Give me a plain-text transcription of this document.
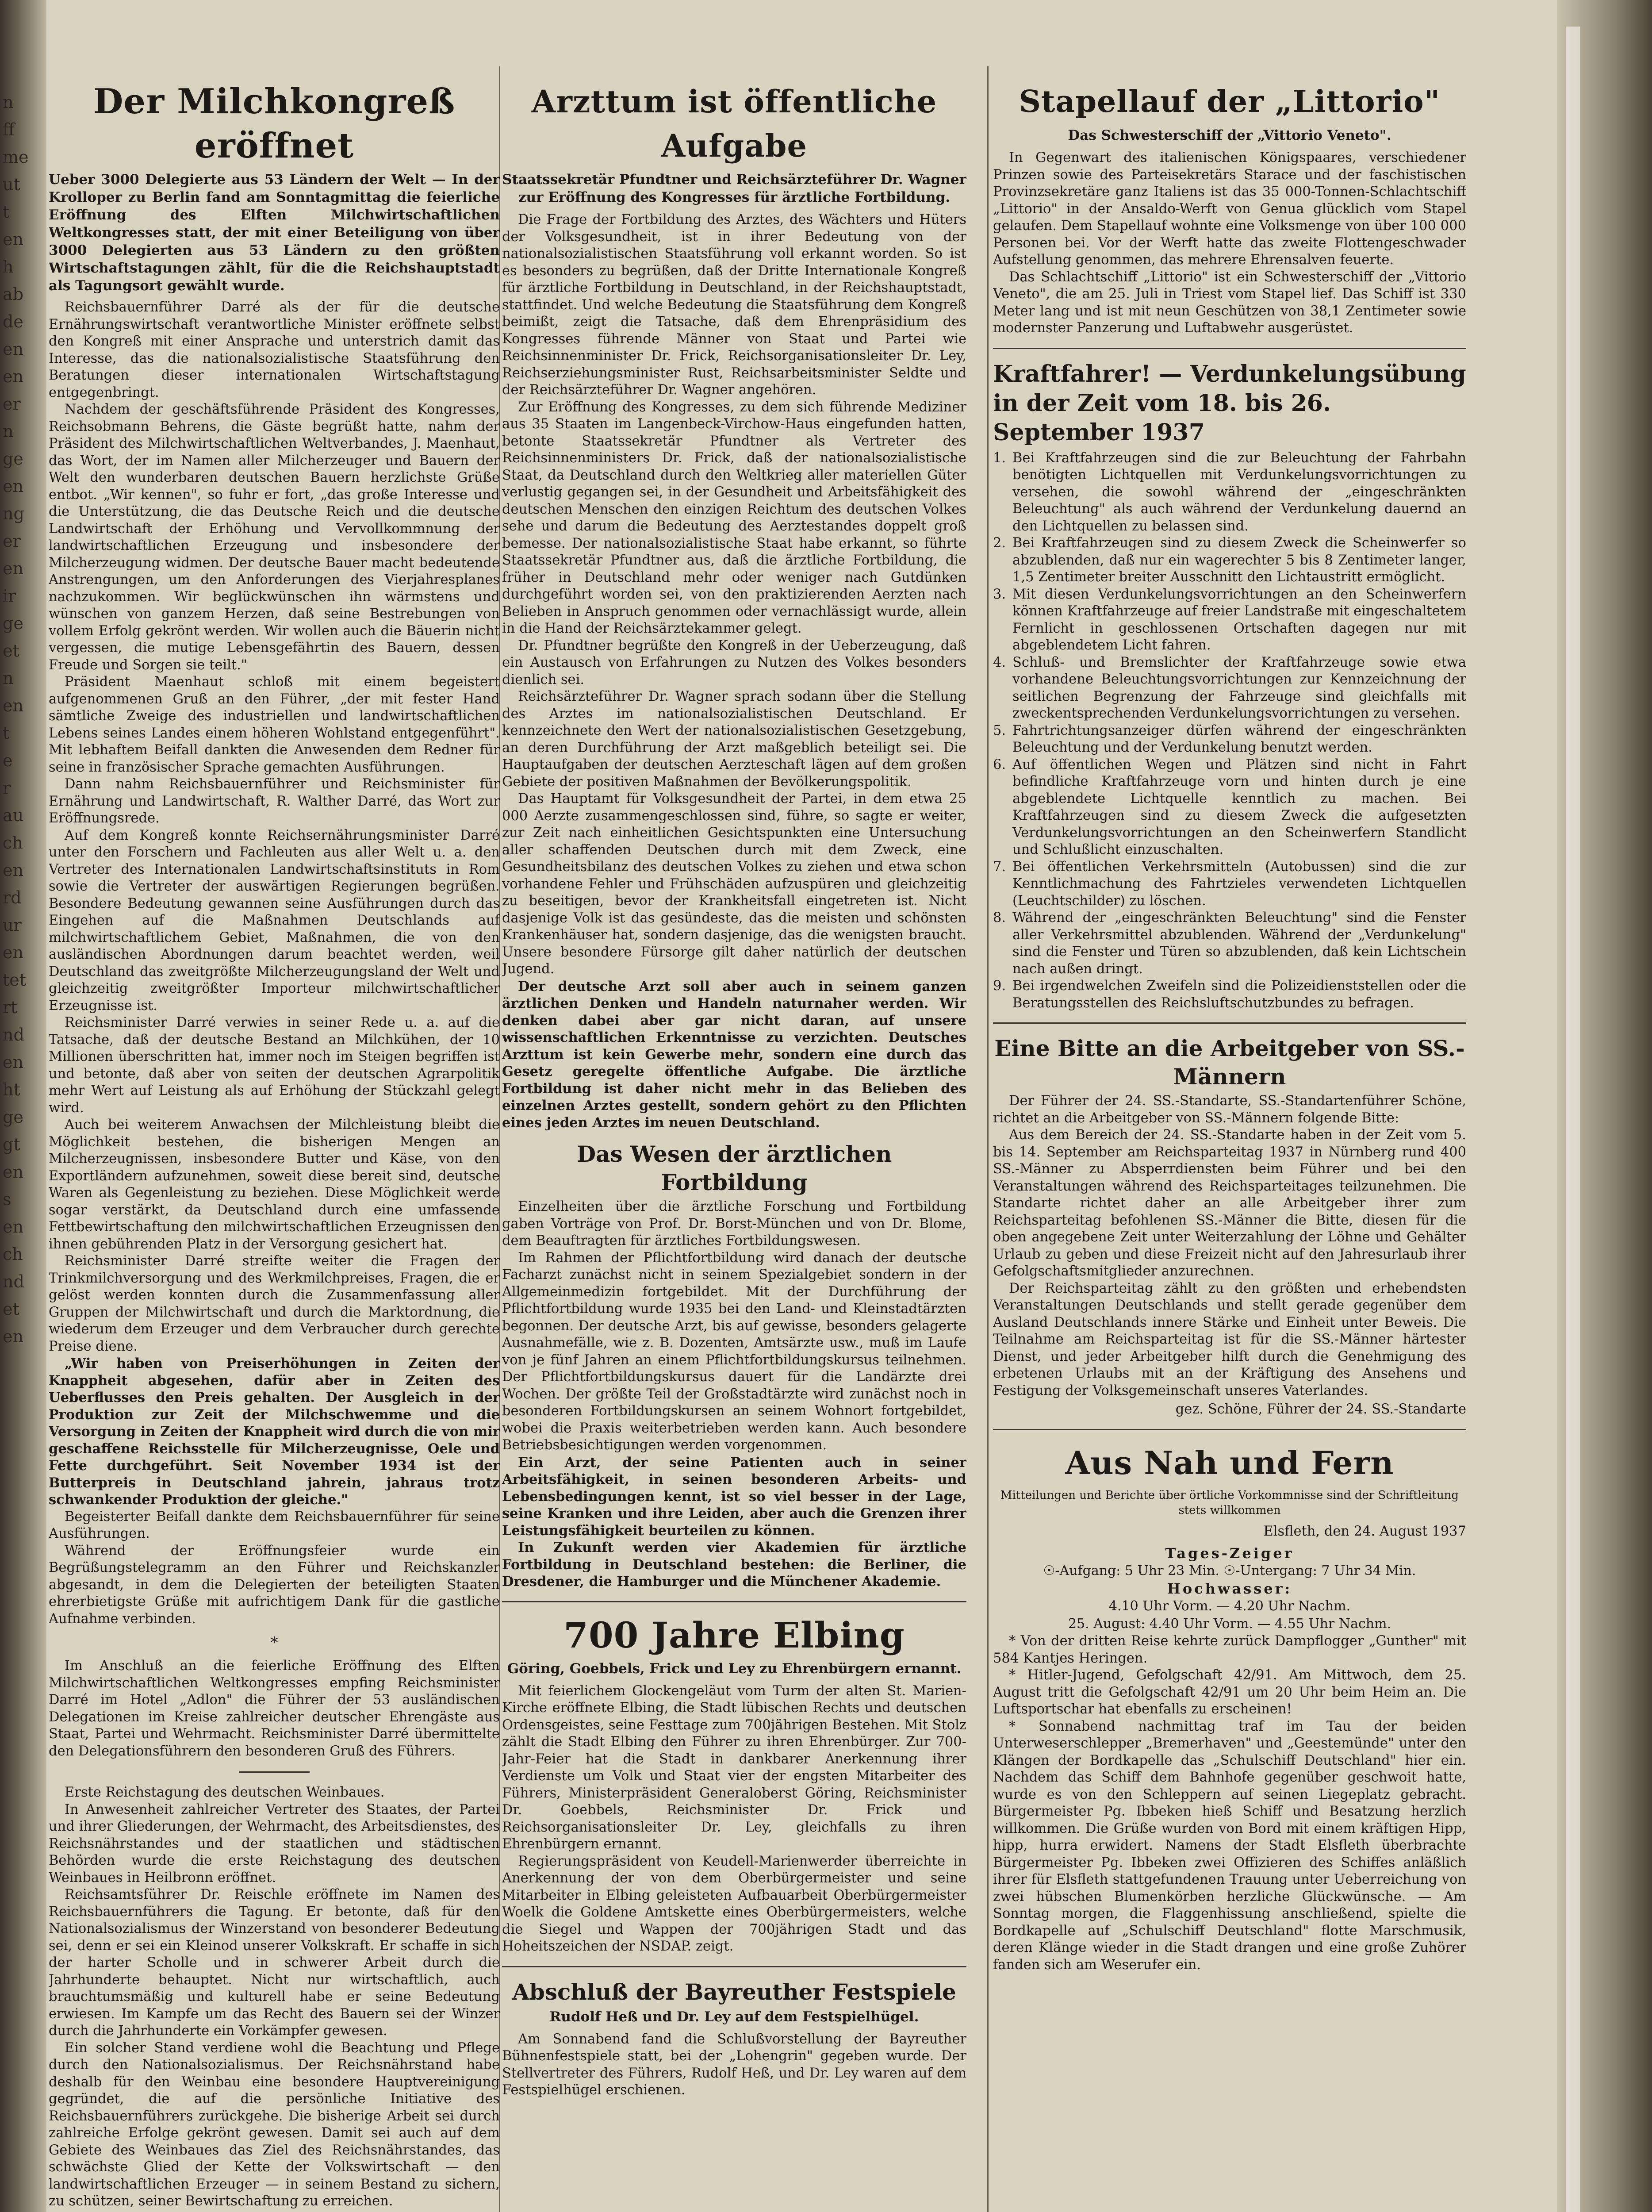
n
ff
me
ut
t
en
h
ab
de
en
en
er
n
ge
en
ng
er
en
ir
ge
et
n
en
t
e
r
au
ch
en
rd
ur
en
tet
rt
nd
en
ht
ge
gt
en
s
en
ch
nd
et
en
Der Milchkongreß eröffnet
Ueber 3000 Delegierte aus 53 Ländern der Welt — In der Krolloper zu Berlin fand am Sonntagmittag die feierliche Eröffnung des Elften Milchwirtschaftlichen Weltkongresses statt, der mit einer Beteiligung von über 3000 Delegierten aus 53 Ländern zu den größten Wirtschaftstagungen zählt, für die die Reichshauptstadt als Tagungsort gewählt wurde.

Reichsbauernführer Darré als der für die deutsche Ernährungswirtschaft verantwortliche Minister eröffnete selbst den Kongreß mit einer Ansprache und unterstrich damit das Interesse, das die nationalsozialistische Staatsführung den Beratungen dieser internationalen Wirtschaftstagung entgegenbringt.

Nachdem der geschäftsführende Präsident des Kongresses, Reichsobmann Behrens, die Gäste begrüßt hatte, nahm der Präsident des Milchwirtschaftlichen Weltverbandes, J. Maenhaut, das Wort, der im Namen aller Milcherzeuger und Bauern der Welt den wunderbaren deutschen Bauern herzlichste Grüße entbot. „Wir kennen", so fuhr er fort, „das große Interesse und die Unterstützung, die das Deutsche Reich und die deutsche Landwirtschaft der Erhöhung und Vervollkommnung der landwirtschaftlichen Erzeugung und insbesondere der Milcherzeugung widmen. Der deutsche Bauer macht bedeutende Anstrengungen, um den Anforderungen des Vierjahresplanes nachzukommen. Wir beglückwünschen ihn wärmstens und wünschen von ganzem Herzen, daß seine Bestrebungen von vollem Erfolg gekrönt werden. Wir wollen auch die Bäuerin nicht vergessen, die mutige Lebensgefährtin des Bauern, dessen Freude und Sorgen sie teilt."

Präsident Maenhaut schloß mit einem begeistert aufgenommenen Gruß an den Führer, „der mit fester Hand sämtliche Zweige des industriellen und landwirtschaftlichen Lebens seines Landes einem höheren Wohlstand entgegenführt". Mit lebhaftem Beifall dankten die Anwesenden dem Redner für seine in französischer Sprache gemachten Ausführungen.

Dann nahm Reichsbauernführer und Reichsminister für Ernährung und Landwirtschaft, R. Walther Darré, das Wort zur Eröffnungsrede.

Auf dem Kongreß konnte Reichsernährungsminister Darré unter den Forschern und Fachleuten aus aller Welt u. a. den Vertreter des Internationalen Landwirtschaftsinstituts in Rom sowie die Vertreter der auswärtigen Regierungen begrüßen. Besondere Bedeutung gewannen seine Ausführungen durch das Eingehen auf die Maßnahmen Deutschlands auf milchwirtschaftlichem Gebiet, Maßnahmen, die von den ausländischen Abordnungen darum beachtet werden, weil Deutschland das zweitgrößte Milcherzeugungsland der Welt und gleichzeitig zweitgrößter Importeur milchwirtschaftlicher Erzeugnisse ist.

Reichsminister Darré verwies in seiner Rede u. a. auf die Tatsache, daß der deutsche Bestand an Milchkühen, der 10 Millionen überschritten hat, immer noch im Steigen begriffen ist und betonte, daß aber von seiten der deutschen Agrarpolitik mehr Wert auf Leistung als auf Erhöhung der Stückzahl gelegt wird.

Auch bei weiterem Anwachsen der Milchleistung bleibt die Möglichkeit bestehen, die bisherigen Mengen an Milcherzeugnissen, insbesondere Butter und Käse, von den Exportländern aufzunehmen, soweit diese bereit sind, deutsche Waren als Gegenleistung zu beziehen. Diese Möglichkeit werde sogar verstärkt, da Deutschland durch eine umfassende Fettbewirtschaftung den milchwirtschaftlichen Erzeugnissen den ihnen gebührenden Platz in der Versorgung gesichert hat.

Reichsminister Darré streifte weiter die Fragen der Trinkmilchversorgung und des Werkmilchpreises, Fragen, die er gelöst werden konnten durch die Zusammenfassung aller Gruppen der Milchwirtschaft und durch die Marktordnung, die wiederum dem Erzeuger und dem Verbraucher durch gerechte Preise diene.

„Wir haben von Preiserhöhungen in Zeiten der Knappheit abgesehen, dafür aber in Zeiten des Ueberflusses den Preis gehalten. Der Ausgleich in der Produktion zur Zeit der Milchschwemme und die Versorgung in Zeiten der Knappheit wird durch die von mir geschaffene Reichsstelle für Milcherzeugnisse, Oele und Fette durchgeführt. Seit November 1934 ist der Butterpreis in Deutschland jahrein, jahraus trotz schwankender Produktion der gleiche."

Begeisterter Beifall dankte dem Reichsbauernführer für seine Ausführungen.

Während der Eröffnungsfeier wurde ein Begrüßungstelegramm an den Führer und Reichskanzler abgesandt, in dem die Delegierten der beteiligten Staaten ehrerbietigste Grüße mit aufrichtigem Dank für die gastliche Aufnahme verbinden.

*

Im Anschluß an die feierliche Eröffnung des Elften Milchwirtschaftlichen Weltkongresses empfing Reichsminister Darré im Hotel „Adlon" die Führer der 53 ausländischen Delegationen im Kreise zahlreicher deutscher Ehrengäste aus Staat, Partei und Wehrmacht. Reichsminister Darré übermittelte den Delegationsführern den besonderen Gruß des Führers.

Erste Reichstagung des deutschen Weinbaues.

In Anwesenheit zahlreicher Vertreter des Staates, der Partei und ihrer Gliederungen, der Wehrmacht, des Arbeitsdienstes, des Reichsnährstandes und der staatlichen und städtischen Behörden wurde die erste Reichstagung des deutschen Weinbaues in Heilbronn eröffnet.

Reichsamtsführer Dr. Reischle eröffnete im Namen des Reichsbauernführers die Tagung. Er betonte, daß für den Nationalsozialismus der Winzerstand von besonderer Bedeutung sei, denn er sei ein Kleinod unserer Volkskraft. Er schaffe in sich der harter Scholle und in schwerer Arbeit durch die Jahrhunderte behauptet. Nicht nur wirtschaftlich, auch brauchtumsmäßig und kulturell habe er seine Bedeutung erwiesen. Im Kampfe um das Recht des Bauern sei der Winzer durch die Jahrhunderte ein Vorkämpfer gewesen.

Ein solcher Stand verdiene wohl die Beachtung und Pflege durch den Nationalsozialismus. Der Reichsnährstand habe deshalb für den Weinbau eine besondere Hauptvereinigung gegründet, die auf die persönliche Initiative des Reichsbauernführers zurückgehe. Die bisherige Arbeit sei durch zahlreiche Erfolge gekrönt gewesen. Damit sei auch auf dem Gebiete des Weinbaues das Ziel des Reichsnährstandes, das schwächste Glied der Kette der Volkswirtschaft — den landwirtschaftlichen Erzeuger — in seinem Bestand zu sichern, zu schützen, seiner Bewirtschaftung zu erreichen.

Arzttum ist öffentliche Aufgabe
Staatssekretär Pfundtner und Reichsärzteführer Dr. Wagner zur Eröffnung des Kongresses für ärztliche Fortbildung.

Die Frage der Fortbildung des Arztes, des Wächters und Hüters der Volksgesundheit, ist in ihrer Bedeutung von der nationalsozialistischen Staatsführung voll erkannt worden. So ist es besonders zu begrüßen, daß der Dritte Internationale Kongreß für ärztliche Fortbildung in Deutschland, in der Reichshauptstadt, stattfindet. Und welche Bedeutung die Staatsführung dem Kongreß beimißt, zeigt die Tatsache, daß dem Ehrenpräsidium des Kongresses führende Männer von Staat und Partei wie Reichsinnenminister Dr. Frick, Reichsorganisationsleiter Dr. Ley, Reichserziehungsminister Rust, Reichsarbeitsminister Seldte und der Reichsärzteführer Dr. Wagner angehören.

Zur Eröffnung des Kongresses, zu dem sich führende Mediziner aus 35 Staaten im Langenbeck-Virchow-Haus eingefunden hatten, betonte Staatssekretär Pfundtner als Vertreter des Reichsinnenministers Dr. Frick, daß der nationalsozialistische Staat, da Deutschland durch den Weltkrieg aller materiellen Güter verlustig gegangen sei, in der Gesundheit und Arbeitsfähigkeit des deutschen Menschen den einzigen Reichtum des deutschen Volkes sehe und darum die Bedeutung des Aerztestandes doppelt groß bemesse. Der nationalsozialistische Staat habe erkannt, so führte Staatssekretär Pfundtner aus, daß die ärztliche Fortbildung, die früher in Deutschland mehr oder weniger nach Gutdünken durchgeführt worden sei, von den praktizierenden Aerzten nach Belieben in Anspruch genommen oder vernachlässigt wurde, allein in die Hand der Reichsärztekammer gelegt.

Dr. Pfundtner begrüßte den Kongreß in der Ueberzeugung, daß ein Austausch von Erfahrungen zu Nutzen des Volkes besonders dienlich sei.

Reichsärzteführer Dr. Wagner sprach sodann über die Stellung des Arztes im nationalsozialistischen Deutschland. Er kennzeichnete den Wert der nationalsozialistischen Gesetzgebung, an deren Durchführung der Arzt maßgeblich beteiligt sei. Die Hauptaufgaben der deutschen Aerzteschaft lägen auf dem großen Gebiete der positiven Maßnahmen der Bevölkerungspolitik.

Das Hauptamt für Volksgesundheit der Partei, in dem etwa 25 000 Aerzte zusammengeschlossen sind, führe, so sagte er weiter, zur Zeit nach einheitlichen Gesichtspunkten eine Untersuchung aller schaffenden Deutschen durch mit dem Zweck, eine Gesundheitsbilanz des deutschen Volkes zu ziehen und etwa schon vorhandene Fehler und Frühschäden aufzuspüren und gleichzeitig zu beseitigen, bevor der Krankheitsfall eingetreten ist. Nicht dasjenige Volk ist das gesündeste, das die meisten und schönsten Krankenhäuser hat, sondern dasjenige, das die wenigsten braucht. Unsere besondere Fürsorge gilt daher natürlich der deutschen Jugend.

Der deutsche Arzt soll aber auch in seinem ganzen ärztlichen Denken und Handeln naturnaher werden. Wir denken dabei aber gar nicht daran, auf unsere wissenschaftlichen Erkenntnisse zu verzichten. Deutsches Arzttum ist kein Gewerbe mehr, sondern eine durch das Gesetz geregelte öffentliche Aufgabe. Die ärztliche Fortbildung ist daher nicht mehr in das Belieben des einzelnen Arztes gestellt, sondern gehört zu den Pflichten eines jeden Arztes im neuen Deutschland.

Das Wesen der ärztlichen Fortbildung

Einzelheiten über die ärztliche Forschung und Fortbildung gaben Vorträge von Prof. Dr. Borst-München und von Dr. Blome, dem Beauftragten für ärztliches Fortbildungswesen.

Im Rahmen der Pflichtfortbildung wird danach der deutsche Facharzt zunächst nicht in seinem Spezialgebiet sondern in der Allgemeinmedizin fortgebildet. Mit der Durchführung der Pflichtfortbildung wurde 1935 bei den Land- und Kleinstadtärzten begonnen. Der deutsche Arzt, bis auf gewisse, besonders gelagerte Ausnahmefälle, wie z. B. Dozenten, Amtsärzte usw., muß im Laufe von je fünf Jahren an einem Pflichtfortbildungskursus teilnehmen. Der Pflichtfortbildungskursus dauert für die Landärzte drei Wochen. Der größte Teil der Großstadtärzte wird zunächst noch in besonderen Fortbildungskursen an seinem Wohnort fortgebildet, wobei die Praxis weiterbetrieben werden kann. Auch besondere Betriebsbesichtigungen werden vorgenommen.

Ein Arzt, der seine Patienten auch in seiner Arbeitsfähigkeit, in seinen besonderen Arbeits- und Lebensbedingungen kennt, ist so viel besser in der Lage, seine Kranken und ihre Leiden, aber auch die Grenzen ihrer Leistungsfähigkeit beurteilen zu können.

In Zukunft werden vier Akademien für ärztliche Fortbildung in Deutschland bestehen: die Berliner, die Dresdener, die Hamburger und die Münchener Akademie.

700 Jahre Elbing
Göring, Goebbels, Frick und Ley zu Ehrenbürgern ernannt.

Mit feierlichem Glockengeläut vom Turm der alten St. Marien-Kirche eröffnete Elbing, die Stadt lübischen Rechts und deutschen Ordensgeistes, seine Festtage zum 700jährigen Bestehen. Mit Stolz zählt die Stadt Elbing den Führer zu ihren Ehrenbürger. Zur 700-Jahr-Feier hat die Stadt in dankbarer Anerkennung ihrer Verdienste um Volk und Staat vier der engsten Mitarbeiter des Führers, Ministerpräsident Generaloberst Göring, Reichsminister Dr. Goebbels, Reichsminister Dr. Frick und Reichsorganisationsleiter Dr. Ley, gleichfalls zu ihren Ehrenbürgern ernannt.

Regierungspräsident von Keudell-Marienwerder überreichte in Anerkennung der von dem Oberbürgermeister und seine Mitarbeiter in Elbing geleisteten Aufbauarbeit Oberbürgermeister Woelk die Goldene Amtskette eines Oberbürgermeisters, welche die Siegel und Wappen der 700jährigen Stadt und das Hoheitszeichen der NSDAP. zeigt.

Abschluß der Bayreuther Festspiele
Rudolf Heß und Dr. Ley auf dem Festspielhügel.

Am Sonnabend fand die Schlußvorstellung der Bayreuther Bühnenfestspiele statt, bei der „Lohengrin" gegeben wurde. Der Stellvertreter des Führers, Rudolf Heß, und Dr. Ley waren auf dem Festspielhügel erschienen.

Stapellauf der „Littorio"
Das Schwesterschiff der „Vittorio Veneto".

In Gegenwart des italienischen Königspaares, verschiedener Prinzen sowie des Parteisekretärs Starace und der faschistischen Provinzsekretäre ganz Italiens ist das 35 000-Tonnen-Schlachtschiff „Littorio" in der Ansaldo-Werft von Genua glücklich vom Stapel gelaufen. Dem Stapellauf wohnte eine Volksmenge von über 100 000 Personen bei. Vor der Werft hatte das zweite Flottengeschwader Aufstellung genommen, das mehrere Ehrensalven feuerte.

Das Schlachtschiff „Littorio" ist ein Schwesterschiff der „Vittorio Veneto", die am 25. Juli in Triest vom Stapel lief. Das Schiff ist 330 Meter lang und ist mit neun Geschützen von 38,1 Zentimeter sowie modernster Panzerung und Luftabwehr ausgerüstet.

Kraftfahrer! — Verdunkelungsübung in der Zeit vom 18. bis 26. September 1937
1. Bei Kraftfahrzeugen sind die zur Beleuchtung der Fahrbahn benötigten Lichtquellen mit Verdunkelungsvorrichtungen zu versehen, die sowohl während der „eingeschränkten Beleuchtung" als auch während der Verdunkelung dauernd an den Lichtquellen zu belassen sind.
2. Bei Kraftfahrzeugen sind zu diesem Zweck die Scheinwerfer so abzublenden, daß nur ein wagerechter 5 bis 8 Zentimeter langer, 1,5 Zentimeter breiter Ausschnitt den Lichtaustritt ermöglicht.
3. Mit diesen Verdunkelungsvorrichtungen an den Scheinwerfern können Kraftfahrzeuge auf freier Landstraße mit eingeschaltetem Fernlicht in geschlossenen Ortschaften dagegen nur mit abgeblendetem Licht fahren.
4. Schluß- und Bremslichter der Kraftfahrzeuge sowie etwa vorhandene Beleuchtungsvorrichtungen zur Kennzeichnung der seitlichen Begrenzung der Fahrzeuge sind gleichfalls mit zweckentsprechenden Verdunkelungsvorrichtungen zu versehen.
5. Fahrtrichtungsanzeiger dürfen während der eingeschränkten Beleuchtung und der Verdunkelung benutzt werden.
6. Auf öffentlichen Wegen und Plätzen sind nicht in Fahrt befindliche Kraftfahrzeuge vorn und hinten durch je eine abgeblendete Lichtquelle kenntlich zu machen. Bei Kraftfahrzeugen sind zu diesem Zweck die aufgesetzten Verdunkelungsvorrichtungen an den Scheinwerfern Standlicht und Schlußlicht einzuschalten.
7. Bei öffentlichen Verkehrsmitteln (Autobussen) sind die zur Kenntlichmachung des Fahrtzieles verwendeten Lichtquellen (Leuchtschilder) zu löschen.
8. Während der „eingeschränkten Beleuchtung" sind die Fenster aller Verkehrsmittel abzublenden. Während der „Verdunkelung" sind die Fenster und Türen so abzublenden, daß kein Lichtschein nach außen dringt.
9. Bei irgendwelchen Zweifeln sind die Polizeidienststellen oder die Beratungsstellen des Reichsluftschutzbundes zu befragen.
Eine Bitte an die Arbeitgeber von SS.-Männern

Der Führer der 24. SS.-Standarte, SS.-Standartenführer Schöne, richtet an die Arbeitgeber von SS.-Männern folgende Bitte:

Aus dem Bereich der 24. SS.-Standarte haben in der Zeit vom 5. bis 14. September am Reichsparteitag 1937 in Nürnberg rund 400 SS.-Männer zu Absperrdiensten beim Führer und bei den Veranstaltungen während des Reichsparteitages teilzunehmen. Die Standarte richtet daher an alle Arbeitgeber ihrer zum Reichsparteitag befohlenen SS.-Männer die Bitte, diesen für die oben angegebene Zeit unter Weiterzahlung der Löhne und Gehälter Urlaub zu geben und diese Freizeit nicht auf den Jahresurlaub ihrer Gefolgschaftsmitglieder anzurechnen.

Der Reichsparteitag zählt zu den größten und erhebendsten Veranstaltungen Deutschlands und stellt gerade gegenüber dem Ausland Deutschlands innere Stärke und Einheit unter Beweis. Die Teilnahme am Reichsparteitag ist für die SS.-Männer härtester Dienst, und jeder Arbeitgeber hilft durch die Genehmigung des erbetenen Urlaubs mit an der Kräftigung des Ansehens und Festigung der Volksgemeinschaft unseres Vaterlandes.

gez. Schöne, Führer der 24. SS.-Standarte
Aus Nah und Fern
Mitteilungen und Berichte über örtliche Vorkommnisse sind der Schriftleitung stets willkommen
Elsfleth, den 24. August 1937
Tages-Zeiger
☉-Aufgang: 5 Uhr 23 Min. ☉-Untergang: 7 Uhr 34 Min.
Hochwasser:
4.10 Uhr Vorm. — 4.20 Uhr Nachm.
25. August: 4.40 Uhr Vorm. — 4.55 Uhr Nachm.

* Von der dritten Reise kehrte zurück Dampflogger „Gunther" mit 584 Kantjes Heringen.

* Hitler-Jugend, Gefolgschaft 42/91. Am Mittwoch, dem 25. August tritt die Gefolgschaft 42/91 um 20 Uhr beim Heim an. Die Luftsportschar hat ebenfalls zu erscheinen!

* Sonnabend nachmittag traf im Tau der beiden Unterweserschlepper „Bremerhaven" und „Geestemünde" unter den Klängen der Bordkapelle das „Schulschiff Deutschland" hier ein. Nachdem das Schiff dem Bahnhofe gegenüber geschwoit hatte, wurde es von den Schleppern auf seinen Liegeplatz gebracht. Bürgermeister Pg. Ibbeken hieß Schiff und Besatzung herzlich willkommen. Die Grüße wurden von Bord mit einem kräftigen Hipp, hipp, hurra erwidert. Namens der Stadt Elsfleth überbrachte Bürgermeister Pg. Ibbeken zwei Offizieren des Schiffes anläßlich ihrer für Elsfleth stattgefundenen Trauung unter Ueberreichung von zwei hübschen Blumenkörben herzliche Glückwünsche. — Am Sonntag morgen, die Flaggenhissung anschließend, spielte die Bordkapelle auf „Schulschiff Deutschland" flotte Marschmusik, deren Klänge wieder in die Stadt drangen und eine große Zuhörer fanden sich am Weserufer ein.
